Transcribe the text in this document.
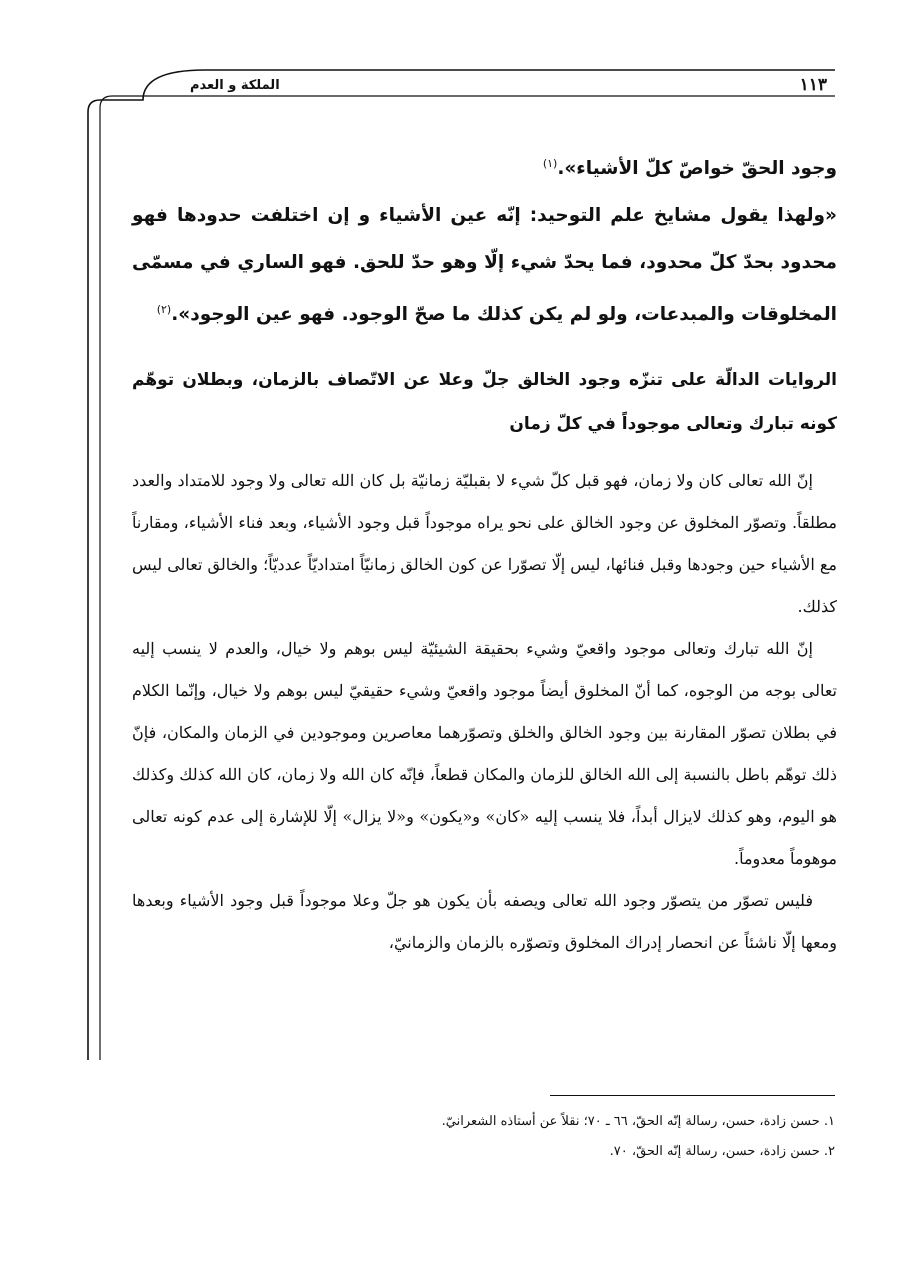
١١٣
الملكة و العدم

وجود الحقّ خواصّ كلّ الأشياء».$^{(١)}$

«ولهذا يقول مشايخ علم التوحيد: إنّه عين الأشياء و إن اختلفت حدودها فهو محدود بحدّ كلّ محدود، فما يحدّ شيء إلّا وهو حدّ للحق. فهو الساري في مسمّى المخلوقات والمبدعات، ولو لم يكن كذلك ما صحّ الوجود. فهو عين الوجود».$^{(٢)}$

الروايات الدالّة على تنزّه وجود الخالق جلّ وعلا عن الاتّصاف بالزمان، وبطلان توهّم كونه تبارك وتعالى موجوداً في كلّ زمان

إنّ الله تعالى كان ولا زمان، فهو قبل كلّ شيء لا بقبليّة زمانيّة بل كان الله تعالى ولا وجود للامتداد والعدد مطلقاً. وتصوّر المخلوق عن وجود الخالق على نحو يراه موجوداً قبل وجود الأشياء، وبعد فناء الأشياء، ومقارناً مع الأشياء حين وجودها وقبل فنائها، ليس إلّا تصوّرا عن كون الخالق زمانيّاً امتداديّاً عدديّاً؛ والخالق تعالى ليس كذلك.

إنّ الله تبارك وتعالى موجود واقعيّ وشيء بحقيقة الشيئيّة ليس بوهم ولا خيال، والعدم لا ينسب إليه تعالى بوجه من الوجوه، كما أنّ المخلوق أيضاً موجود واقعيّ وشيء حقيقيّ ليس بوهم ولا خيال، وإنّما الكلام في بطلان تصوّر المقارنة بين وجود الخالق والخلق وتصوّرهما معاصرين وموجودين في الزمان والمكان، فإنّ ذلك توهّم باطل بالنسبة إلى الله الخالق للزمان والمكان قطعاً، فإنّه كان الله ولا زمان، كان الله كذلك وكذلك هو اليوم، وهو كذلك لايزال أبداً، فلا ينسب إليه «كان» و«يكون» و«لا يزال» إلّا للإشارة إلى عدم كونه تعالى موهوماً معدوماً.

فليس تصوّر من يتصوّر وجود الله تعالى ويصفه بأن يكون هو جلّ وعلا موجوداً قبل وجود الأشياء وبعدها ومعها إلّا ناشئاً عن انحصار إدراك المخلوق وتصوّره بالزمان والزمانيّ،

١. حسن زادة، حسن، رسالة إنّه الحقّ، ٦٦ ـ ٧٠؛ نقلاً عن أستاذه الشعرانيّ.
٢. حسن زادة، حسن، رسالة إنّه الحقّ، ٧٠.
